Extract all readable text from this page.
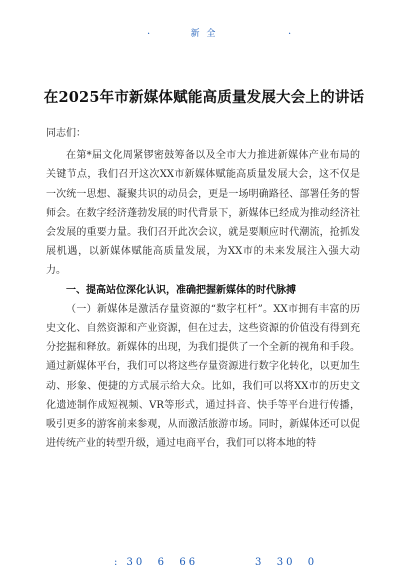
.	新 全	.
在2025年市新媒体赋能高质量发展大会上的讲话

同志们：

在第*届文化周紧锣密鼓筹备以及全市大力推进新媒体产业布局的关键节点，我们召开这次XX市新媒体赋能高质量发展大会，这不仅是一次统一思想、凝聚共识的动员会，更是一场明确路径、部署任务的誓师会。在数字经济蓬勃发展的时代背景下，新媒体已经成为推动经济社会发展的重要力量。我们召开此次会议，就是要顺应时代潮流，抢抓发展机遇，以新媒体赋能高质量发展，为XX市的未来发展注入强大动力。

一、提高站位深化认识，准确把握新媒体的时代脉搏

（一）新媒体是激活存量资源的“数字杠杆”。XX市拥有丰富的历史文化、自然资源和产业资源，但在过去，这些资源的价值没有得到充分挖掘和释放。新媒体的出现，为我们提供了一个全新的视角和手段。通过新媒体平台，我们可以将这些存量资源进行数字化转化，以更加生动、形象、便捷的方式展示给大众。比如，我们可以将XX市的历史文化遗迹制作成短视频、VR等形式，通过抖音、快手等平台进行传播，吸引更多的游客前来参观，从而激活旅游市场。同时，新媒体还可以促进传统产业的转型升级，通过电商平台，我们可以将本地的特

: 30  6  66	3  30  0
